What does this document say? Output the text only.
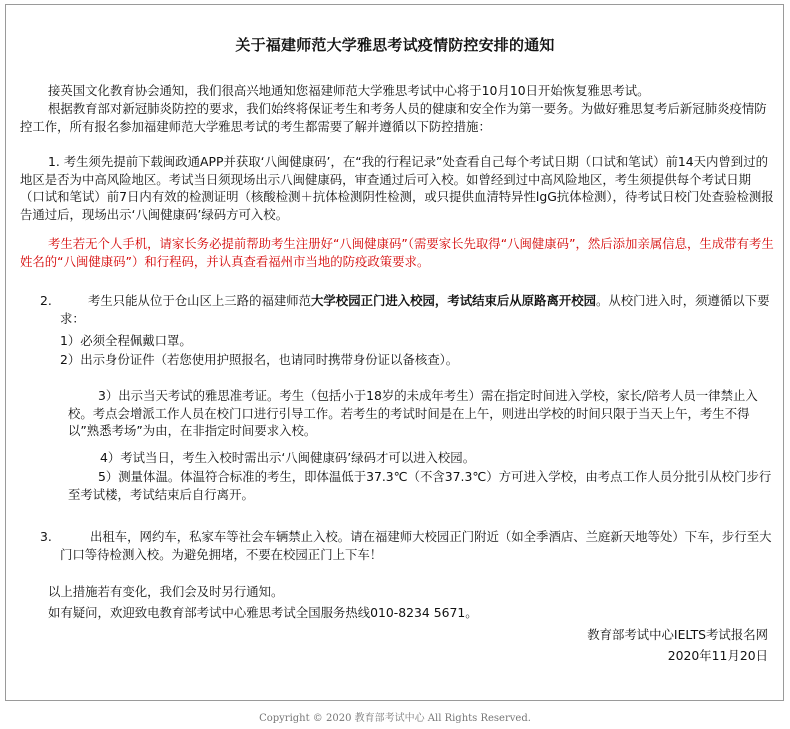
关于福建师范大学雅思考试疫情防控安排的通知
接英国文化教育协会通知，我们很高兴地通知您福建师范大学雅思考试中心将于10月10日开始恢复雅思考试。
根据教育部对新冠肺炎防控的要求，我们始终将保证考生和考务人员的健康和安全作为第一要务。为做好雅思复考后新冠肺炎疫情防控工作，所有报名参加福建师范大学雅思考试的考生都需要了解并遵循以下防控措施：
1. 考生须先提前下载闽政通APP并获取‘八闽健康码’，在“我的行程记录”处查看自己每个考试日期（口试和笔试）前14天内曾到过的地区是否为中高风险地区。考试当日须现场出示八闽健康码，审查通过后可入校。如曾经到过中高风险地区，考生须提供每个考试日期（口试和笔试）前7日内有效的检测证明（核酸检测＋抗体检测阴性检测，或只提供血清特异性lgG抗体检测），待考试日校门处查验检测报告通过后，现场出示‘八闽健康码’绿码方可入校。
考生若无个人手机，请家长务必提前帮助考生注册好“八闽健康码”（需要家长先取得“八闽健康码”，然后添加亲属信息，生成带有考生姓名的“八闽健康码”）和行程码，并认真查看福州市当地的防疫政策要求。
2.	考生只能从位于仓山区上三路的福建师范大学校园正门进入校园，考试结束后从原路离开校园。从校门进入时，须遵循以下要求：
1）必须全程佩戴口罩。
2）出示身份证件（若您使用护照报名，也请同时携带身份证以备核查）。
3）出示当天考试的雅思准考证。考生（包括小于18岁的未成年考生）需在指定时间进入学校，家长/陪考人员一律禁止入校。考点会增派工作人员在校门口进行引导工作。若考生的考试时间是在上午，则进出学校的时间只限于当天上午，考生不得以”熟悉考场”为由，在非指定时间要求入校。
4）考试当日，考生入校时需出示‘八闽健康码’绿码才可以进入校园。
5）测量体温。体温符合标准的考生，即体温低于37.3℃（不含37.3℃）方可进入学校，由考点工作人员分批引从校门步行至考试楼，考试结束后自行离开。
3.	出租车，网约车，私家车等社会车辆禁止入校。请在福建师大校园正门附近（如全季酒店、兰庭新天地等处）下车，步行至大门口等待检测入校。为避免拥堵，不要在校园正门上下车！
以上措施若有变化，我们会及时另行通知。
如有疑问，欢迎致电教育部考试中心雅思考试全国服务热线010-8234 5671。
教育部考试中心IELTS考试报名网
2020年11月20日
Copyright © 2020 教育部考试中心 All Rights Reserved.
